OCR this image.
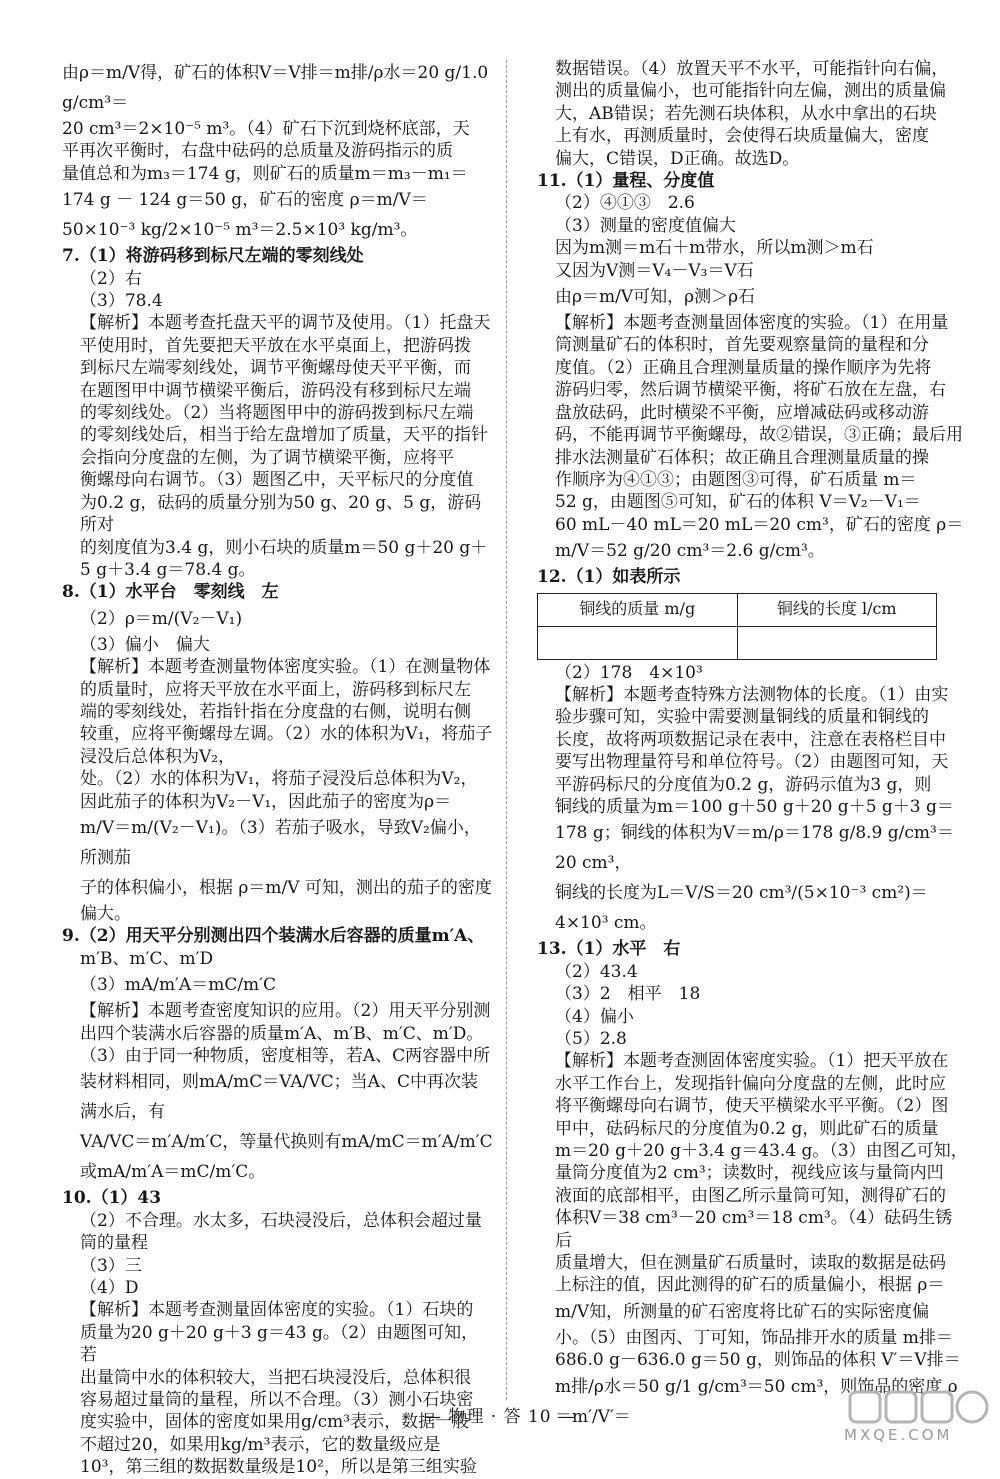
由ρ＝m/V得，矿石的体积V＝V排＝m排/ρ水＝20 g/1.0 g/cm³＝

20 cm³＝2×10⁻⁵ m³。（4）矿石下沉到烧杯底部，天

平再次平衡时，右盘中砝码的总质量及游码指示的质

量值总和为m₃＝174 g，则矿石的质量m＝m₃－m₁＝

174 g － 124 g＝50 g，矿石的密度 ρ＝m/V＝

50×10⁻³ kg/2×10⁻⁵ m³＝2.5×10³ kg/m³。

7.（1）将游码移到标尺左端的零刻线处

（2）右

（3）78.4

【解析】本题考查托盘天平的调节及使用。（1）托盘天

平使用时，首先要把天平放在水平桌面上，把游码拨

到标尺左端零刻线处，调节平衡螺母使天平平衡，而

在题图甲中调节横梁平衡后，游码没有移到标尺左端

的零刻线处。（2）当将题图甲中的游码拨到标尺左端

的零刻线处后，相当于给左盘增加了质量，天平的指针

会指向分度盘的左侧，为了调节横梁平衡，应将平

衡螺母向右调节。（3）题图乙中，天平标尺的分度值

为0.2 g，砝码的质量分别为50 g、20 g、5 g，游码所对

的刻度值为3.4 g，则小石块的质量m＝50 g＋20 g＋

5 g＋3.4 g＝78.4 g。

8.（1）水平台　零刻线　左

（2）ρ＝m/(V₂－V₁)

（3）偏小　偏大

【解析】本题考查测量物体密度实验。（1）在测量物体

的质量时，应将天平放在水平面上，游码移到标尺左

端的零刻线处，若指针指在分度盘的右侧，说明右侧

较重，应将平衡螺母左调。（2）水的体积为V₁，将茄子浸没后总体积为V₂，

处。（2）水的体积为V₁，将茄子浸没后总体积为V₂，

因此茄子的体积为V₂－V₁，因此茄子的密度为ρ＝

m/V＝m/(V₂－V₁)。（3）若茄子吸水，导致V₂偏小，所测茄

子的体积偏小，根据 ρ＝m/V 可知，测出的茄子的密度

偏大。

9.（2）用天平分别测出四个装满水后容器的质量m′A、

m′B、m′C、m′D

（3）mA/m′A＝mC/m′C

【解析】本题考查密度知识的应用。（2）用天平分别测

出四个装满水后容器的质量m′A、m′B、m′C、m′D。

（3）由于同一种物质，密度相等，若A、C两容器中所

装材料相同，则mA/mC＝VA/VC；当A、C中再次装满水后，有

VA/VC＝m′A/m′C，等量代换则有mA/mC＝m′A/m′C或mA/m′A＝mC/m′C。

10.（1）43

（2）不合理。水太多，石块浸没后，总体积会超过量

筒的量程

（3）三

（4）D

【解析】本题考查测量固体密度的实验。（1）石块的

质量为20 g＋20 g＋3 g＝43 g。（2）由题图可知，若

出量筒中水的体积较大，当把石块浸没后，总体积很

容易超过量筒的量程，所以不合理。（3）测小石块密

度实验中，固体的密度如果用g/cm³表示，数据一般

不超过20，如果用kg/m³表示，它的数量级应是

10³，第三组的数据数量级是10²，所以是第三组实验

数据错误。（4）放置天平不水平，可能指针向右偏，

测出的质量偏小，也可能指针向左偏，测出的质量偏

大，AB错误；若先测石块体积，从水中拿出的石块

上有水，再测质量时，会使得石块质量偏大，密度

偏大，C错误，D正确。故选D。

11.（1）量程、分度值

（2）④①③　2.6

（3）测量的密度值偏大

因为m测＝m石＋m带水，所以m测＞m石

又因为V测＝V₄－V₃＝V石

由ρ＝m/V可知，ρ测＞ρ石

【解析】本题考查测量固体密度的实验。（1）在用量

筒测量矿石的体积时，首先要观察量筒的量程和分

度值。（2）正确且合理测量质量的操作顺序为先将

游码归零，然后调节横梁平衡，将矿石放在左盘，右

盘放砝码，此时横梁不平衡，应增减砝码或移动游

码，不能再调节平衡螺母，故②错误，③正确；最后用

排水法测量矿石体积；故正确且合理测量质量的操

作顺序为④①③；由题图③可得，矿石质量 m＝

52 g，由题图⑤可知，矿石的体积 V＝V₂－V₁＝

60 mL－40 mL＝20 mL＝20 cm³，矿石的密度 ρ＝

m/V＝52 g/20 cm³＝2.6 g/cm³。

12.（1）如表所示

铜线的质量 m/g	铜线的长度 l/cm

（2）178　4×10³

【解析】本题考查特殊方法测物体的长度。（1）由实

验步骤可知，实验中需要测量铜线的质量和铜线的

长度，故将两项数据记录在表中，注意在表格栏目中

要写出物理量符号和单位符号。（2）由题图可知，天

平游码标尺的分度值为0.2 g，游码示值为3 g，则

铜线的质量为m＝100 g＋50 g＋20 g＋5 g＋3 g＝

178 g；铜线的体积为V＝m/ρ＝178 g/8.9 g/cm³＝20 cm³，

铜线的长度为L＝V/S＝20 cm³/(5×10⁻³ cm²)＝4×10³ cm。

13.（1）水平　右

（2）43.4

（3）2　相平　18

（4）偏小

（5）2.8

【解析】本题考查测固体密度实验。（1）把天平放在

水平工作台上，发现指针偏向分度盘的左侧，此时应

将平衡螺母向右调节，使天平横梁水平平衡。（2）图

甲中，砝码标尺的分度值为0.2 g，则此矿石的质量

m＝20 g＋20 g＋3.4 g＝43.4 g。（3）由图乙可知，

量筒分度值为2 cm³；读数时，视线应该与量筒内凹

液面的底部相平，由图乙所示量筒可知，测得矿石的

体积V＝38 cm³－20 cm³＝18 cm³。（4）砝码生锈后

质量增大，但在测量矿石质量时，读取的数据是砝码

上标注的值，因此测得的矿石的质量偏小，根据 ρ＝

m/V知，所测量的矿石密度将比矿石的实际密度偏

小。（5）由图丙、丁可知，饰品排开水的质量 m排＝

686.0 g－636.0 g＝50 g，则饰品的体积 V′＝V排＝

m排/ρ水＝50 g/1 g/cm³＝50 cm³，则饰品的密度 ρ＝m′/V′＝

— 物理 · 答 10 —
MXQE.COM
